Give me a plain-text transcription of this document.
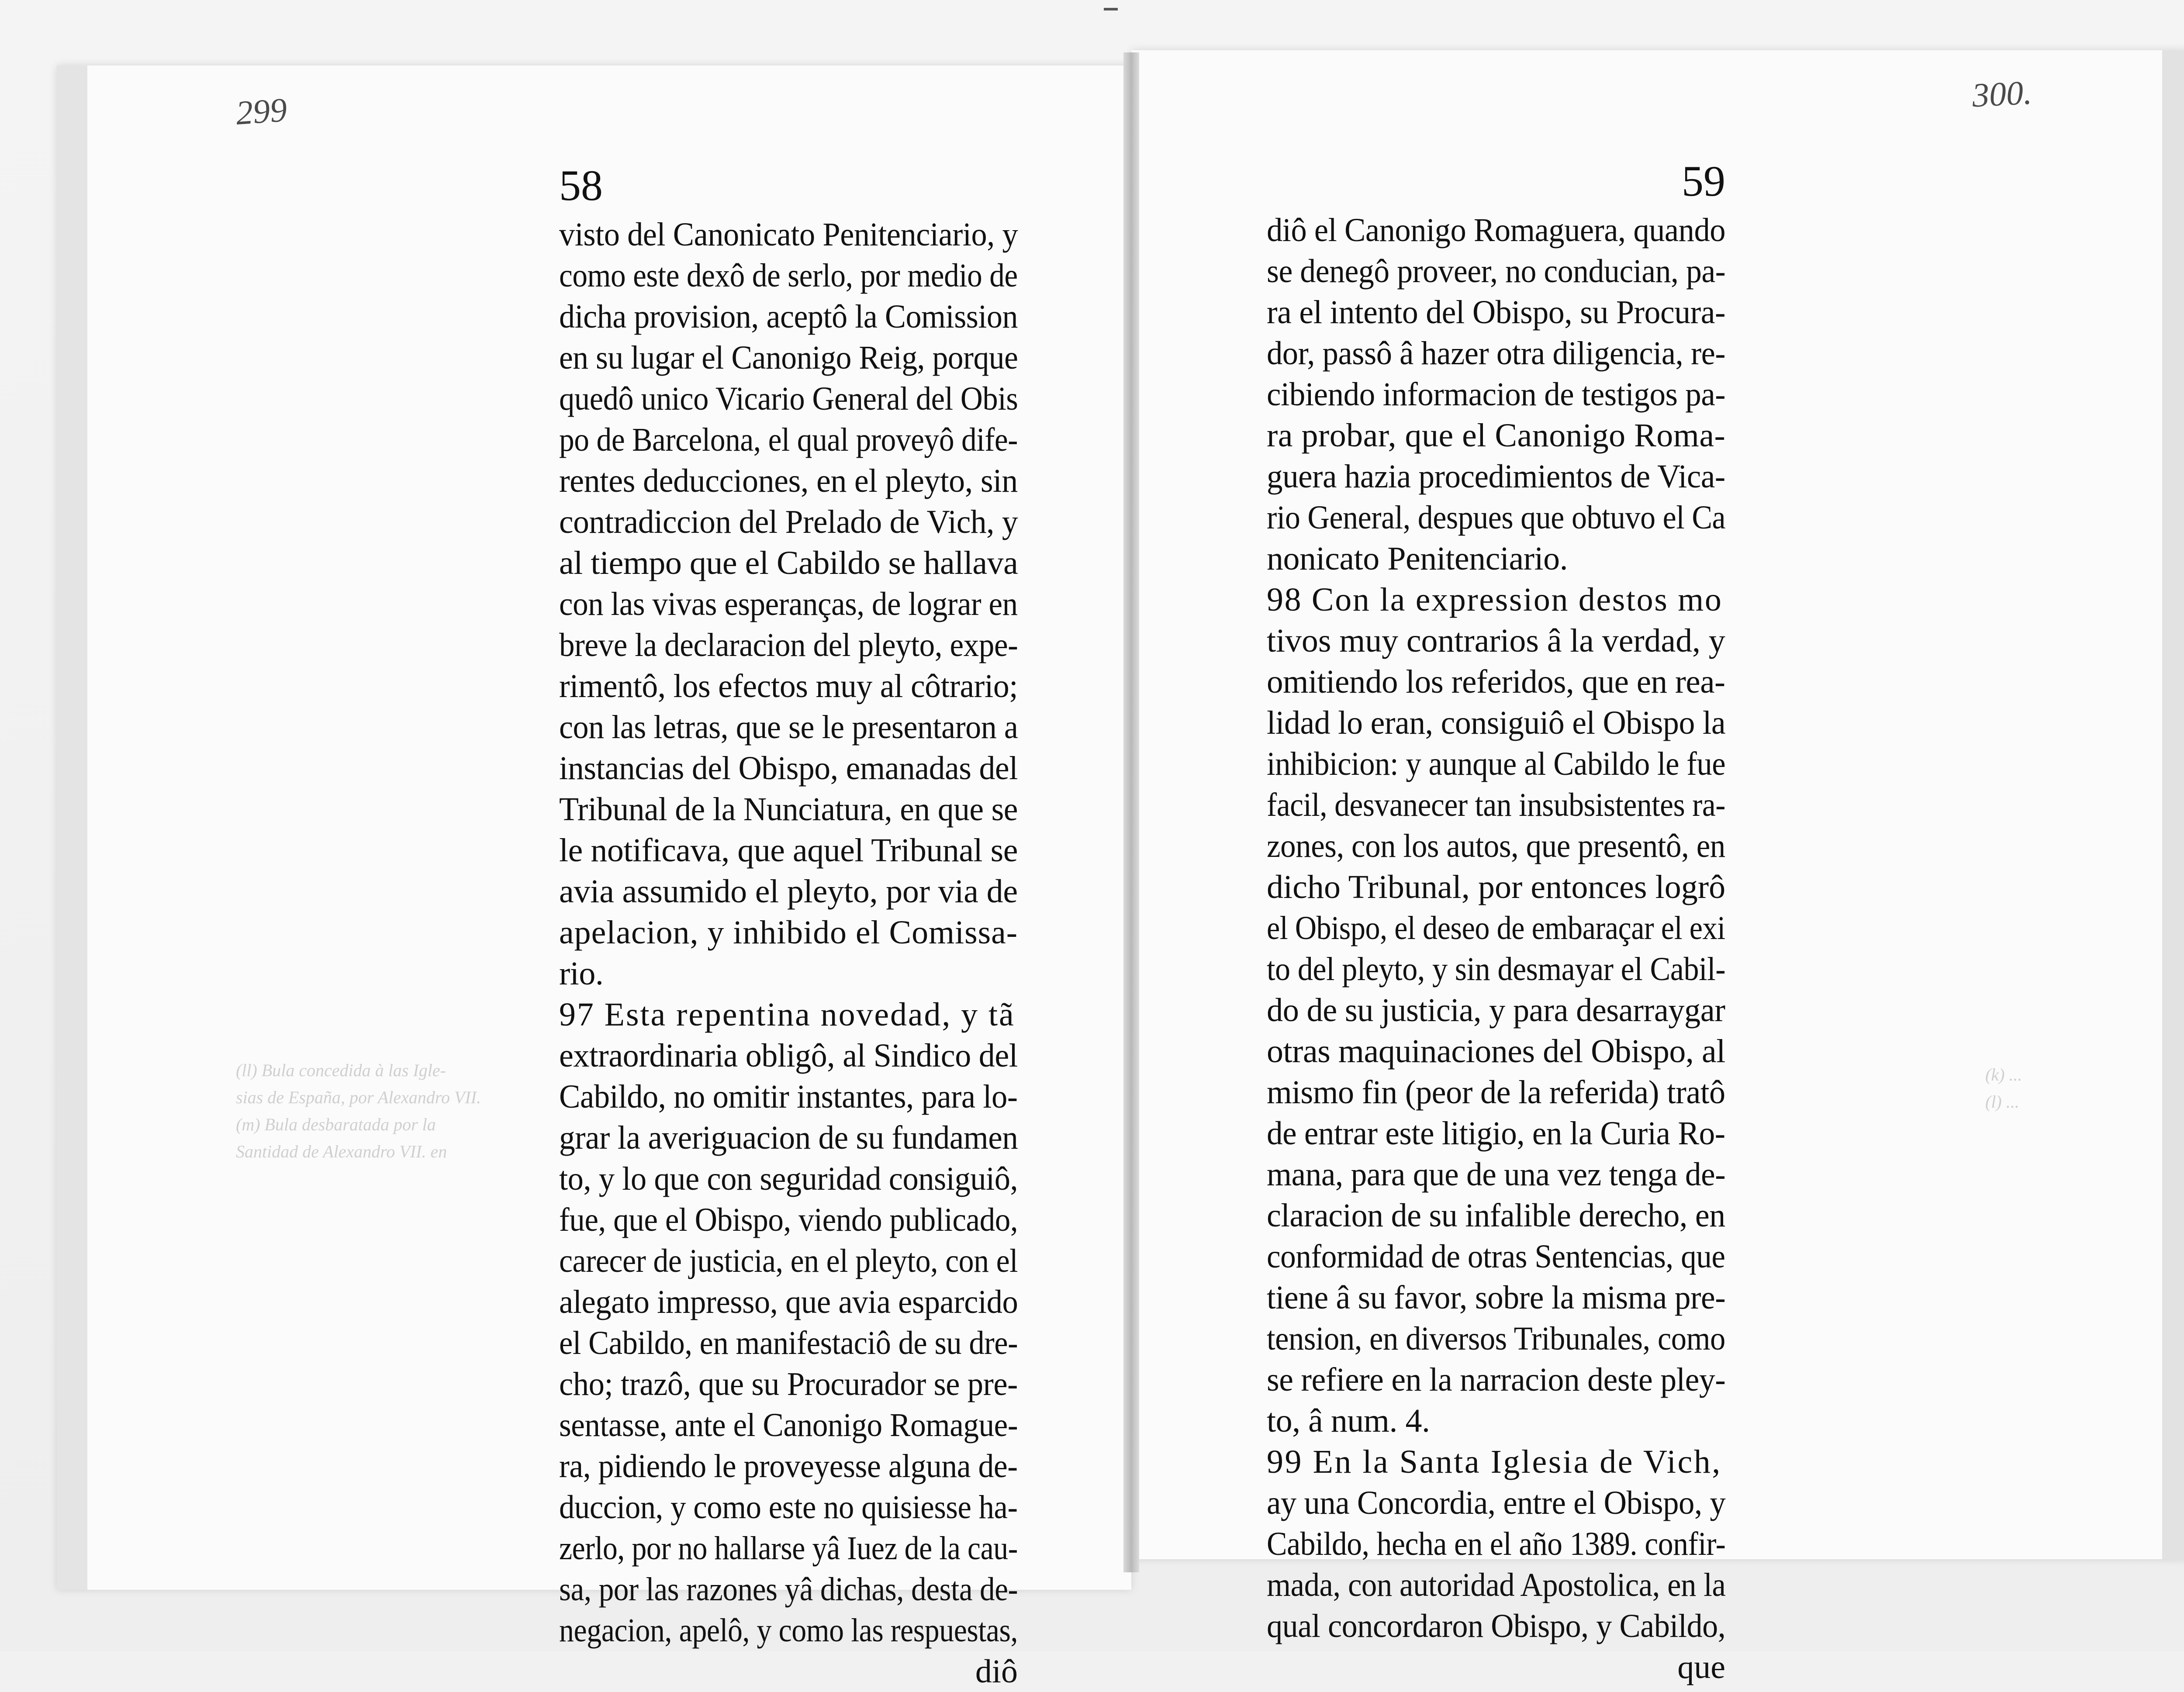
299	300.
(ll) Bula concedida à las Igle-
sias de España, por Alexandro VII.
(m) Bula desbaratada por la
Santidad de Alexandro VII. en
(k) ...
(l) ...
58
visto del Canonicato Penitenciario, y
como este dexô de serlo, por medio de
dicha provision, aceptô la Comission
en su lugar el Canonigo Reig, porque
quedô unico Vicario General del Obis
po de Barcelona, el qual proveyô dife-
rentes deducciones, en el pleyto, sin
contradiccion del Prelado de Vich, y
al tiempo que el Cabildo se hallava
con las vivas esperanças, de lograr en
breve la declaracion del pleyto, expe-
rimentô, los efectos muy al côtrario;
con las letras, que se le presentaron a
instancias del Obispo, emanadas del
Tribunal de la Nunciatura, en que se
le notificava, que aquel Tribunal se
avia assumido el pleyto, por via de
apelacion, y inhibido el Comissa-
rio.
97 Esta repentina novedad, y tã
extraordinaria obligô, al Sindico del
Cabildo, no omitir instantes, para lo-
grar la averiguacion de su fundamen
to, y lo que con seguridad consiguiô,
fue, que el Obispo, viendo publicado,
carecer de justicia, en el pleyto, con el
alegato impresso, que avia esparcido
el Cabildo, en manifestaciô de su dre-
cho; trazô, que su Procurador se pre-
sentasse, ante el Canonigo Romague-
ra, pidiendo le proveyesse alguna de-
duccion, y como este no quisiesse ha-
zerlo, por no hallarse yâ Iuez de la cau-
sa, por las razones yâ dichas, desta de-
negacion, apelô, y como las respuestas,
diô
59
diô el Canonigo Romaguera, quando
se denegô proveer, no conducian, pa-
ra el intento del Obispo, su Procura-
dor, passô â hazer otra diligencia, re-
cibiendo informacion de testigos pa-
ra probar, que el Canonigo Roma-
guera hazia procedimientos de Vica-
rio General, despues que obtuvo el Ca
nonicato Penitenciario.
98 Con la expression destos mo
tivos muy contrarios â la verdad, y
omitiendo los referidos, que en rea-
lidad lo eran, consiguiô el Obispo la
inhibicion: y aunque al Cabildo le fue
facil, desvanecer tan insubsistentes ra-
zones, con los autos, que presentô, en
dicho Tribunal, por entonces logrô
el Obispo, el deseo de embaraçar el exi
to del pleyto, y sin desmayar el Cabil-
do de su justicia, y para desarraygar
otras maquinaciones del Obispo, al
mismo fin (peor de la referida) tratô
de entrar este litigio, en la Curia Ro-
mana, para que de una vez tenga de-
claracion de su infalible derecho, en
conformidad de otras Sentencias, que
tiene â su favor, sobre la misma pre-
tension, en diversos Tribunales, como
se refiere en la narracion deste pley-
to, â num. 4.
99 En la Santa Iglesia de Vich,
ay una Concordia, entre el Obispo, y
Cabildo, hecha en el año 1389. confir-
mada, con autoridad Apostolica, en la
qual concordaron Obispo, y Cabildo,
que
